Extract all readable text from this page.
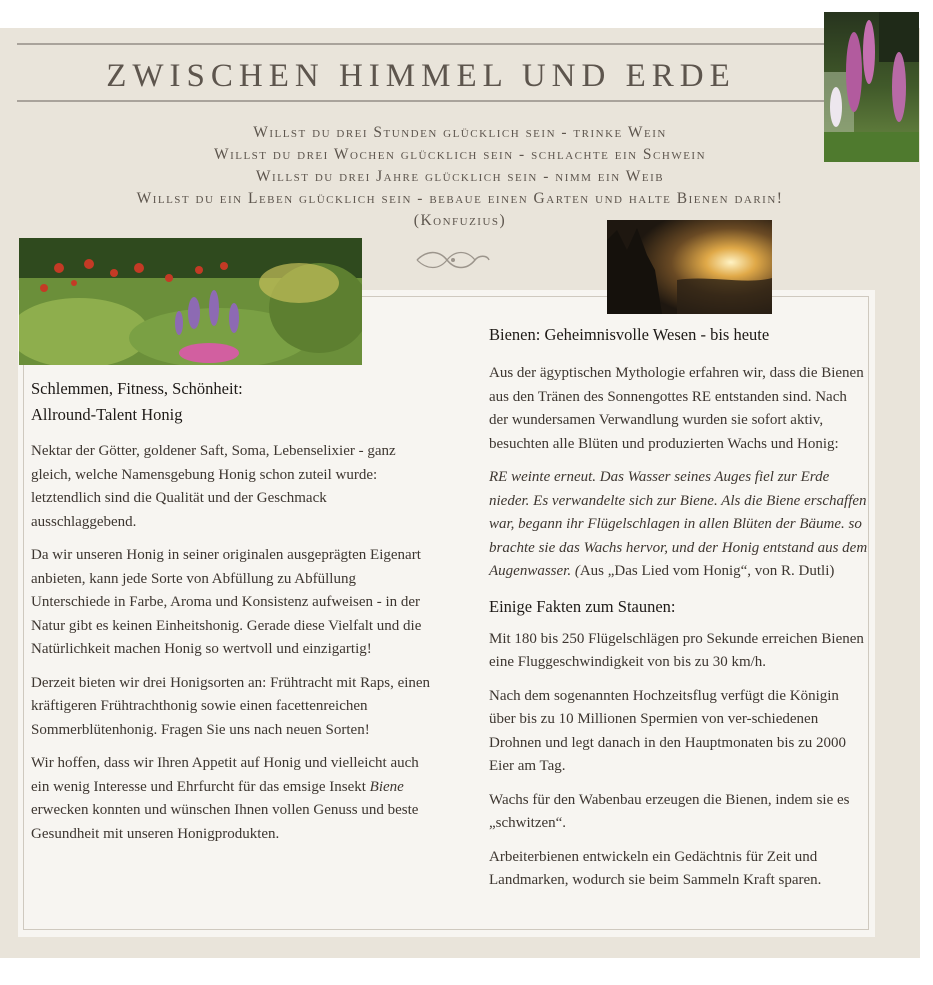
ZWISCHEN HIMMEL UND ERDE
Willst du drei Stunden glücklich sein - trinke Wein
Willst du drei Wochen glücklich sein - schlachte ein Schwein
Willst du drei Jahre glücklich sein - nimm ein Weib
Willst du ein Leben glücklich sein - bebaue einen Garten und halte Bienen darin!
(Konfuzius)
Schlemmen, Fitness, Schönheit:
Allround-Talent Honig

Nektar der Götter, goldener Saft, Soma, Lebenselixier - ganz gleich, welche Namensgebung Honig schon zuteil wurde: letztendlich sind die Qualität und der Geschmack ausschlaggebend.

Da wir unseren Honig in seiner originalen ausgeprägten Eigenart anbieten, kann jede Sorte von Abfüllung zu Abfüllung Unterschiede in Farbe, Aroma und Konsistenz aufweisen - in der Natur gibt es keinen Einheitshonig. Gerade diese Vielfalt und die Natürlichkeit machen Honig so wertvoll und einzigartig!

Derzeit bieten wir drei Honigsorten an: Frühtracht mit Raps, einen kräftigeren Frühtrachthonig sowie einen facettenreichen Sommerblütenhonig. Fragen Sie uns nach neuen Sorten!

Wir hoffen, dass wir Ihren Appetit auf Honig und vielleicht auch ein wenig Interesse und Ehrfurcht für das emsige Insekt Biene erwecken konnten und wünschen Ihnen vollen Genuss und beste Gesundheit mit unseren Honigprodukten.

Bienen: Geheimnisvolle Wesen - bis heute

Aus der ägyptischen Mythologie erfahren wir, dass die Bienen aus den Tränen des Sonnengottes RE entstanden sind. Nach der wundersamen Verwandlung wurden sie sofort aktiv, besuchten alle Blüten und produzierten Wachs und Honig:

RE weinte erneut. Das Wasser seines Auges fiel zur Erde nieder. Es verwandelte sich zur Biene. Als die Biene erschaffen war, begann ihr Flügelschlagen in allen Blüten der Bäume. so brachte sie das Wachs hervor, und der Honig entstand aus dem Augenwasser. (Aus „Das Lied vom Honig“, von R. Dutli)

Einige Fakten zum Staunen:

Mit 180 bis 250 Flügelschlägen pro Sekunde erreichen Bienen eine Fluggeschwindigkeit von bis zu 30 km/h.

Nach dem sogenannten Hochzeitsflug verfügt die Königin über bis zu 10 Millionen Spermien von ver-schiedenen Drohnen und legt danach in den Hauptmonaten bis zu 2000 Eier am Tag.

Wachs für den Wabenbau erzeugen die Bienen, indem sie es „schwitzen“.

Arbeiterbienen entwickeln ein Gedächtnis für Zeit und Landmarken, wodurch sie beim Sammeln Kraft sparen.
